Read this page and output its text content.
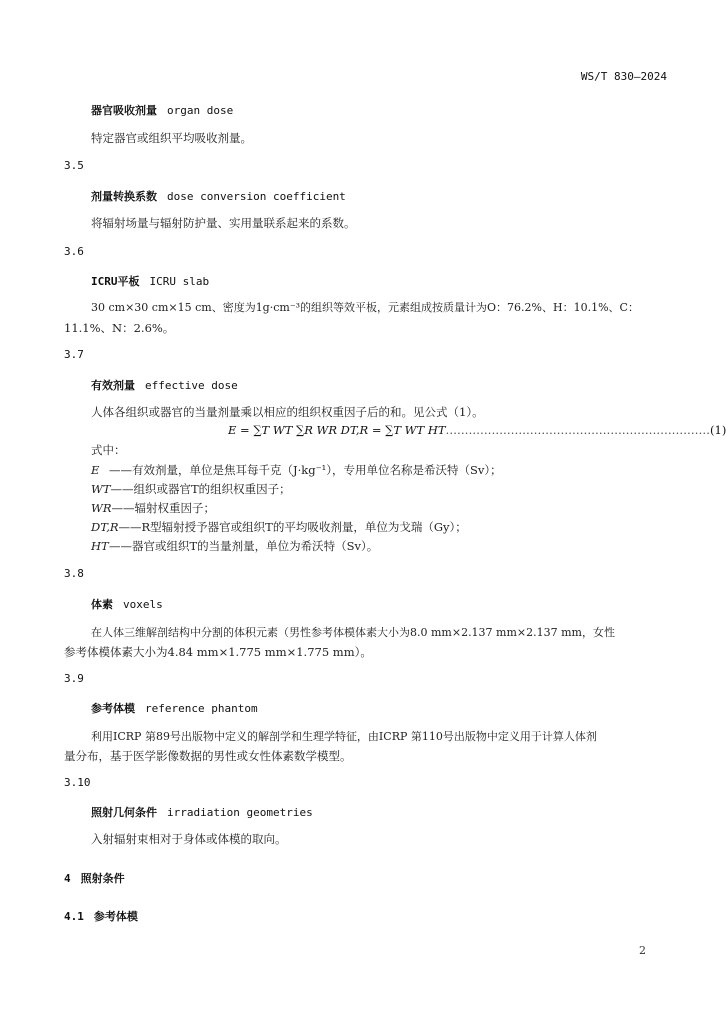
WS/T 830—2024
器官吸收剂量 organ dose
特定器官或组织平均吸收剂量。
3.5
剂量转换系数 dose conversion coefficient
将辐射场量与辐射防护量、实用量联系起来的系数。
3.6
ICRU平板 ICRU slab
30 cm×30 cm×15 cm、密度为1g·cm⁻³的组织等效平板，元素组成按质量计为O：76.2%、H：10.1%、C：
11.1%、N：2.6%。
3.7
有效剂量 effective dose
人体各组织或器官的当量剂量乘以相应的组织权重因子后的和。见公式（1）。
E = ∑T WT ∑R WR DT,R = ∑T WT HT……………………………………………………………(1)
式中：
E ——有效剂量，单位是焦耳每千克（J·kg⁻¹），专用单位名称是希沃特（Sv）；
WT——组织或器官T的组织权重因子；
WR——辐射权重因子；
DT,R——R型辐射授予器官或组织T的平均吸收剂量，单位为戈瑞（Gy）；
HT——器官或组织T的当量剂量，单位为希沃特（Sv）。
3.8
体素 voxels
在人体三维解剖结构中分割的体积元素（男性参考体模体素大小为8.0 mm×2.137 mm×2.137 mm，女性
参考体模体素大小为4.84 mm×1.775 mm×1.775 mm）。
3.9
参考体模 reference phantom
利用ICRP 第89号出版物中定义的解剖学和生理学特征，由ICRP 第110号出版物中定义用于计算人体剂
量分布，基于医学影像数据的男性或女性体素数学模型。
3.10
照射几何条件 irradiation geometries
入射辐射束相对于身体或体模的取向。
4 照射条件
4.1 参考体模
2
